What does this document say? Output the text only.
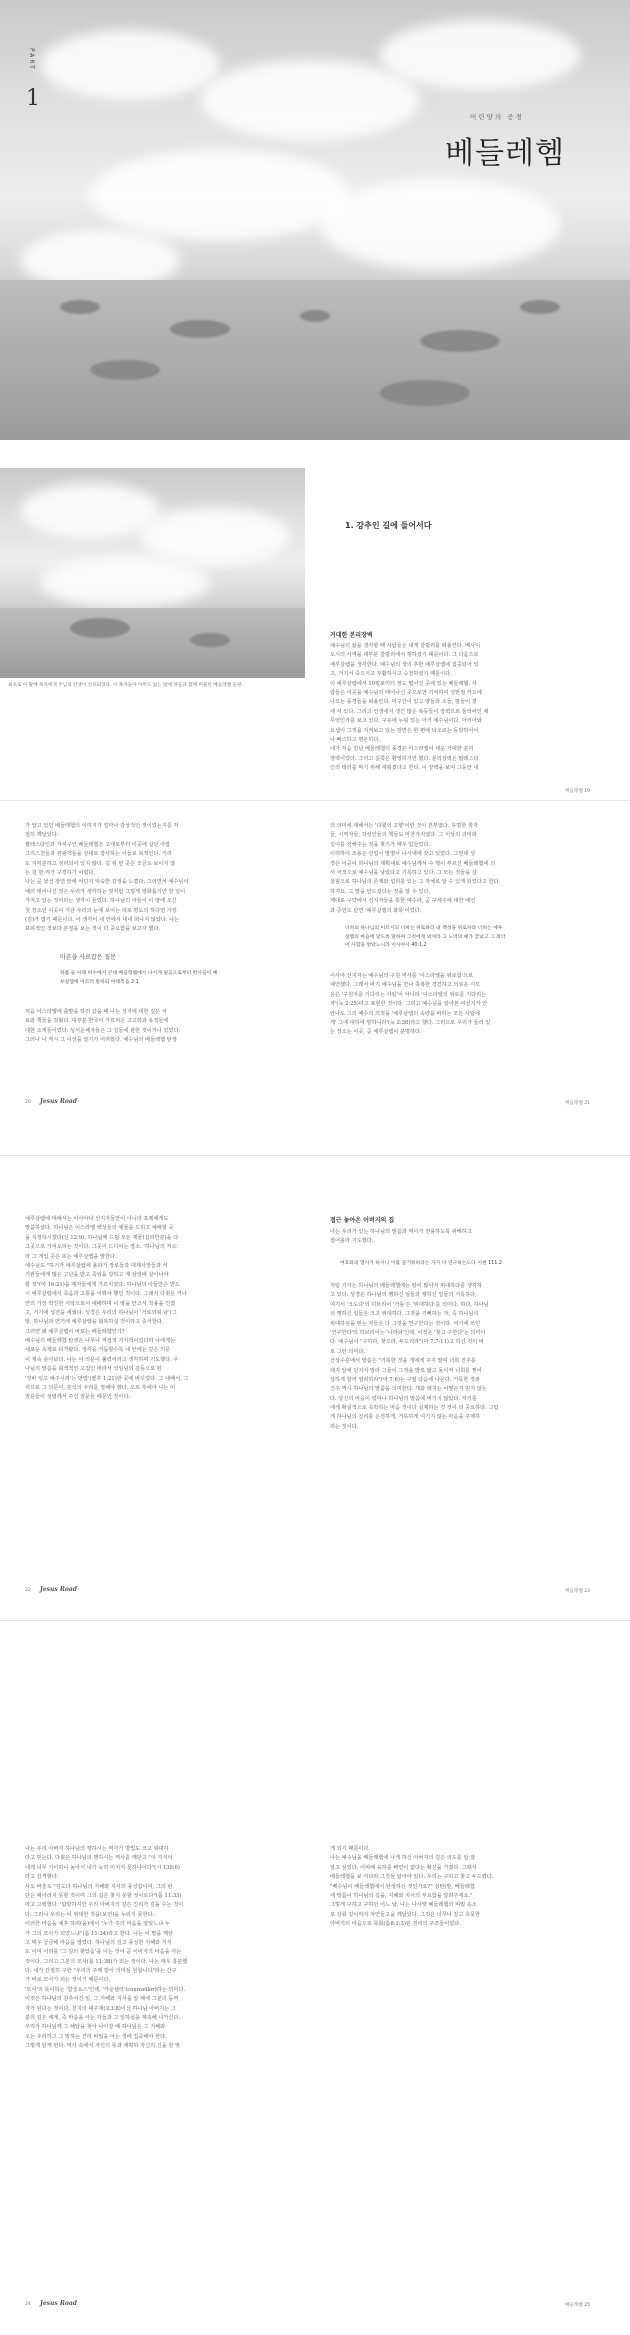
PART
1
어린양의 공경
베들레헴
최초로 이 땅에 목자에게 주님의 탄생이 선포되었다. 이 목자들이 아무도 없는 밤에 양들과 함께 머물던 베들레헴 들판.
1. 강추인 길에 들어서다
거대한 본리장벽
예수님의 삶을 생각할 때 사람들은 대게 갈릴리를 떠올린다. 베사이
도시의 사역을 대부분 갈릴리에서 행하셨기 때문이다. 그 다음으로
예루살렘을 생각한다. 예수님의 생의 후반 예루살렘에 집중되어 있
고, 거기서 죽으시고 부활하시고 승천하셨기 때문이다.
이 예루살렘에서 10킬로미터 정도 떨어진 곳에 있는 베들레헴. 사
람들은 이곳을 예수님의 태어나신 곳으로만 기억하여 성탄절 카드에
나오는 풍경들을 떠올린다. 마구간이 있고 양들과 소들, 말들이 곁
에 서 있다. 그리고 인생에서 생긴 많은 복동들이 장벽으로 둘러싸인 채
무엇인가를 보고 있다. 구유에 누워 있는 아기 예수님이다. 아리아와
요셉이 그것을 지켜보고 있는 장면은 한 편에 타오르는 동방박사이
나 빠스하고 평온하다.
내가 처음 만난 베들레헴의 풍경은 이스라엘이 세운 거대한 분리
장벽이었다. 그리고 길쭉은 환영하기만 했다. 분리장벽은 팔레스타
인의 테러를 막기 위해 세워졌다고 한다. 이 장벽을 보며 그동안 내
베들레헴 19
가 알고 있던 베들레헴의 이미지가 얼마나 감상적인 것이었는지를 처
절히 깨달았다.
팔레스타인과 자치구인 베들레헴은 고대로부터 이곳에 살던 아랍
그리스천들과 관광객들을 상대로 장사하는 이들로 북적인다. 거리
도 지저분하고 정리되어 있지 않다. 길 위 빈 곳은 조금도 보이지 않
는 걸 한 켜가 구경하기 어렵다.
나는 곧 낯선 장면 앞에 어딘지 익숙한 감정을 느꼈다. 그러면서 예수님이
예의 태어나신 것은 우리가 생각하는 것처럼 그렇게 평화롭기만 한 일이
가지고 있는 것이라는 생각이 들었다. 하나님의 아들이 이 땅에 오신
첫 장소인 이곳이 지금 우리의 눈에 보이는 대로 평도의 하다면 가장
(김)가 없기 때문이다. 이 생각이 내 안에서 내내 떠나지 않았다. 나는
표피적인 것보다 본질을 보는 것이 더 중요함을 보고자 했다.
마흔을 사로잡은 질문
하를 둘 아래 떠수에서 큰대 베들레헴에서 나시게 될음으로부터 박사들이 예
루살렘에 이르러 말하되 마태복음 2:1
처음 이스라엘에 출발을 하러 갔을 때 나는 성지에 대한 깊은 자
료와 책들을 갖췄다. 대부분 한국이 가르쳐온 고고학과 유적들에
대한 소개들이었다. 성서운해자들은 그 길들에 관한 것이거나 있었다.
그러나 나 역시 그 이상을 알기가 어려웠다. 예수님의 베들레헴 탄생
20 Jesus Road
의 의미에 대해서는 '다윗의 고향'이란 것이 전부였다. 유명한 학자
들, 시역자들, 작성인들의 책들도 마찬가지였다. 그 이상의 의미와
깊이를 전해주는 것을 찾기가 매우 힘들었다.
이러하여 조용은 산업이 발명사 나시대에 갖고 있었다. 그런데 성
경은 이곳이 하나님의 계획대로 예수님께서 수 명이 부르신 베들레헴에 의
서 극적으로 예수님을 낳았다고 기록하고 있다. 그 모든 것들을 살
살핌으로 하나님의 존재와 섭리를 있는 그 자체로 알 수 있게 되었다고 한다.
하지요, 그 말을 만드셨다는 것을 알 수 있다.
제대로 구약에서 선지자들을 통한 예수라, 곧 구세주에 대한 예언
과 증언도 단연 '예루살렘의 화목'이었다.
너희의 하나님의 이르시되 너희는 위로하라 내 백성을 위로하라 너희는 예루
살렘의 마음에 닿도록 말하며 그것에게 외쳐라 그 노역의 때가 끝났고 그 죄악
이 사함을 받았느니라 이사야서 40:1,2
이사야 선지자는 예수님의 구원 역사를 '이스라엘을 위로함'으로
예언했다. 그래서 바기 예수님을 만나 축복한 경건하고 의로운 시므
온은 '구원자를 기다리는 사람'이 아니라 '이스라엘의 위로를 기다리는
자'(눅 2:25)라고 표현한 것이다. 그리고 예수님을 알아본 여선지자 안
안나도 그의 예수의 의적을 '예루살렘의 속량을 바라는 모든 사람에
게' 그에 대하여 말하니라'(눅 2:38)라고 했다. 그러므로 우리가 둘러 있
는 장소는 이곳, 곧 예루살렘이 분명하다.
베들레헴 21
예루살렘에 대해서는 이사야나 선지자들만이 아니라 포레에게도
말씀하셨다. 하나님은 이스라엘 백성들의 예물을 드리고 예배할 곳
을 지정하시겠다(신 12:9). 하나님께 드릴 모든 제물(십리반분)을 다
그곳으로 가져오라는 것이다. 그곳이 드디어는 장소. '하나님의 처소'
라 그 개입 곳은 또는 예루살렘을 말한다.
예수님도 "하기가 예루살렘에 올라가 장로들과 대제사장들과 서
기관들에게 많은 고난을 받고 죽임을 당하고 제 삼일에 살아나야
할 것"(마 16:21)을 제자들에게 가르치셨다. 하나님의 아들만은 반드
시 예루살렘에서 죽음과 고통을 이뤄야 했던 것이다. 그래서 다윗은 거나
면의 가장 약진한 식탁으로서 예배하며 이 땅을 안고서 착용을 건졌
고, 거기에 성전을 세웠다. 성경은 우리의 하나님이 '거로외워 남'(그
땅. 하나님과 연기에 예루살렘을 회복하실 것이라고 증거한다.
그러면 왜 예루살렘이 바로는 베들레헴인가?
베수님의 베들레헴 탄생은 나무나 직접적 지식적이었다라 나에게는
새로운 속제로 다가왔다. 생각을 거듭할수록 내 안에는 깊은 의문
이 계속 솟아났다. 나는 이 의문이 풀렸어라고 생각하며 기도했다. 우
나님의 말씀을 회색적인 고집인 바라서 성임님의 감동으로 된
'것바 일고 해주시려'는 방법'(벧후 1:21)한 곳에 바꾸었다. 그 대해서, 그
리므로 그 의문이, 분석의 우리를 정해야 했다. 오로 후에야 나는 이
질문들이 성령께서 주신 질문들 때문인 것이다.
22 Jesus Road
접근 놓아온 어버지의 집
나는 우리가 있는 하나님의 말씀과 역사가 전용하도록 위해하고
절어올라 기도했다.
여호와의 열사가 하시니 이를 즐거워하라는 자가 다 연구하는도다 시편 111:2
처럼 기자는 하나님의 베들레헴에는 땅이 많아서 위대하다를 생각하
고 있다. 성경은 하나님의 행하신 일들과 행하신 일들의 거룩하다,
여기서 '크도다'의 히브리어 '가돌'은 '위대하다'를 의미다. 하다, 하나님
의 행하신 일들은 크고 위대하다. 그것을 기뻐하는 자, 즉 하나님의
위대하심을 믿는 자들은 다 그것을 연구한다는 것이다. 여기에 쓰인
'연구한다'의 히브리어는 '나라쉬'인데, 이것은 '찾고 구한다'는 의미이
다. 예수님이 "구하라, 찾으라, 두드리라"(마 7:7-11)고 하신 것이 바
로 그런 의미다.
산상수훈에서 말씀은 "거룩한 것을 개에게 주지 말며 너희 진주를
돼지 앞에 던지지 말라 그들이 그것을 발로 밟고 돌이켜 너희를 찢어
상하게 할까 염려하라"(마 7:6)는 구절 다음에 나온다. 거룩한 것과
진주 역시 하나님의 말씀을 의미한다. 개와 돼지는 어떻든지 믿지 않는
다. 당신의 마음이 얼마나 하나님의 말씀에 버거지 않았다. 자기를
에게 확실적으로 속박히는 마음 것이다 실제하는 것 것이 더 중요하다. 그럼
게 하나님의 진리를 온전하게, 거룩하게 여기지 않는 마음을 주제하
려는 것이다.
베들레헴 23
나는 우리 아버지 하나님의 행하시는 역사가 방법도 크고 위대하
다고 믿는다. 다윗은 하나님의 행하시는 역사를 깨닫고 "이 지식이
내게 너무 기이하니 높아서 내가 능히 미치지 못하나이다"(시 139:6)
라고 감격했다.
사도 바울도 "깊도다 하나님의 지혜와 지식의 풍성함이여, 그의 판
단은 헤아리지 못할 것이며 그의 길은 찾지 못할 것이로다"(롬 11:33)
라고 고백했다. '탐방하지만 우리 아버지의 깊은 진리가 깊을 수는 것이
다. 그러나 우리는 이 위대한 것을(보면)을 누리지 못한다.
이러한 마음을 예후 하려(을)에서 "누가 주의 마음을 알았느냐 누
가 그의 모사가 되었느냐"(롬 11:34)라고 한다. 나는 이 말을 깨닫
고 매우 궁금해 마음을 열었다. 하나님의 깊고 풍성한 지혜와 지식
도 이미 어리를 '그 길의 찾았음'을 이는 것이 곧 이버지의 마음을 아는
것이다. 그리고 그분의 모사(롬 11:38)가 되는 것이다. 나는 매우 흥분했
다. 내가 간절히 구한 "우리의 주께 받아 의미심 원합니다"라는 간구
가 바로 모사가 되는 것이기 때문이다.
'모사'의 뜻이하는 '함울요스'인데, '카운셀러'(counsellor)라는 의미다.
이것은 하나님의 감추어진 일, 그 지혜와 지식을 알 때에 그분의 동역
자가 된다는 것이다. 천지의 대주재(요3:8)이신 하나님 아버지는 그
분의 깊은 세계, 즉 마음을 아는 자들과 그 일하심을 계속해 나가신다.
우리가 하나님께 그 해답을 찾아 나아갈 때 하나님은 그 지혜와
오는 우리하고 그 말하는 진리 비밀을 아는 것에 집중해야 한다.
그렇게 알게 된다. 역사 속에서 자신의 뜻과 계획하 자신의 신을 한 맞
24 Jesus Road
게 되기 때문이다.
나는 예수님을 베들레헴에 나게 하신 아버지의 깊은 의도를 알 알
알고 싶었다. 어찌해 육하를 빠면이 없다는 확신을 가졌다. 그래서
베들레헴을 보 아다라 그것들 알아야 있다. 우리는 구하고 찾고 두드렸다.
"베수님이 베들레헴에서 탄생하신 것인가요?" 성탄(발, 베들레헴
에 말씀이 하나님의 길을, 지혜와 지식의 부요함을 알려주세요."
그렇게 구하고 구하던 어느 날, 나는 나사렛 베들레헴의 비밀 속소
로 감춰 깊이까지 자연들고을 깨달았다. 그것은 너무나 깊고 흐뭇한
아버지의 마음으로 목회(롬8:1:3)된 전리의 구조들이었다.
베들레헴 25
